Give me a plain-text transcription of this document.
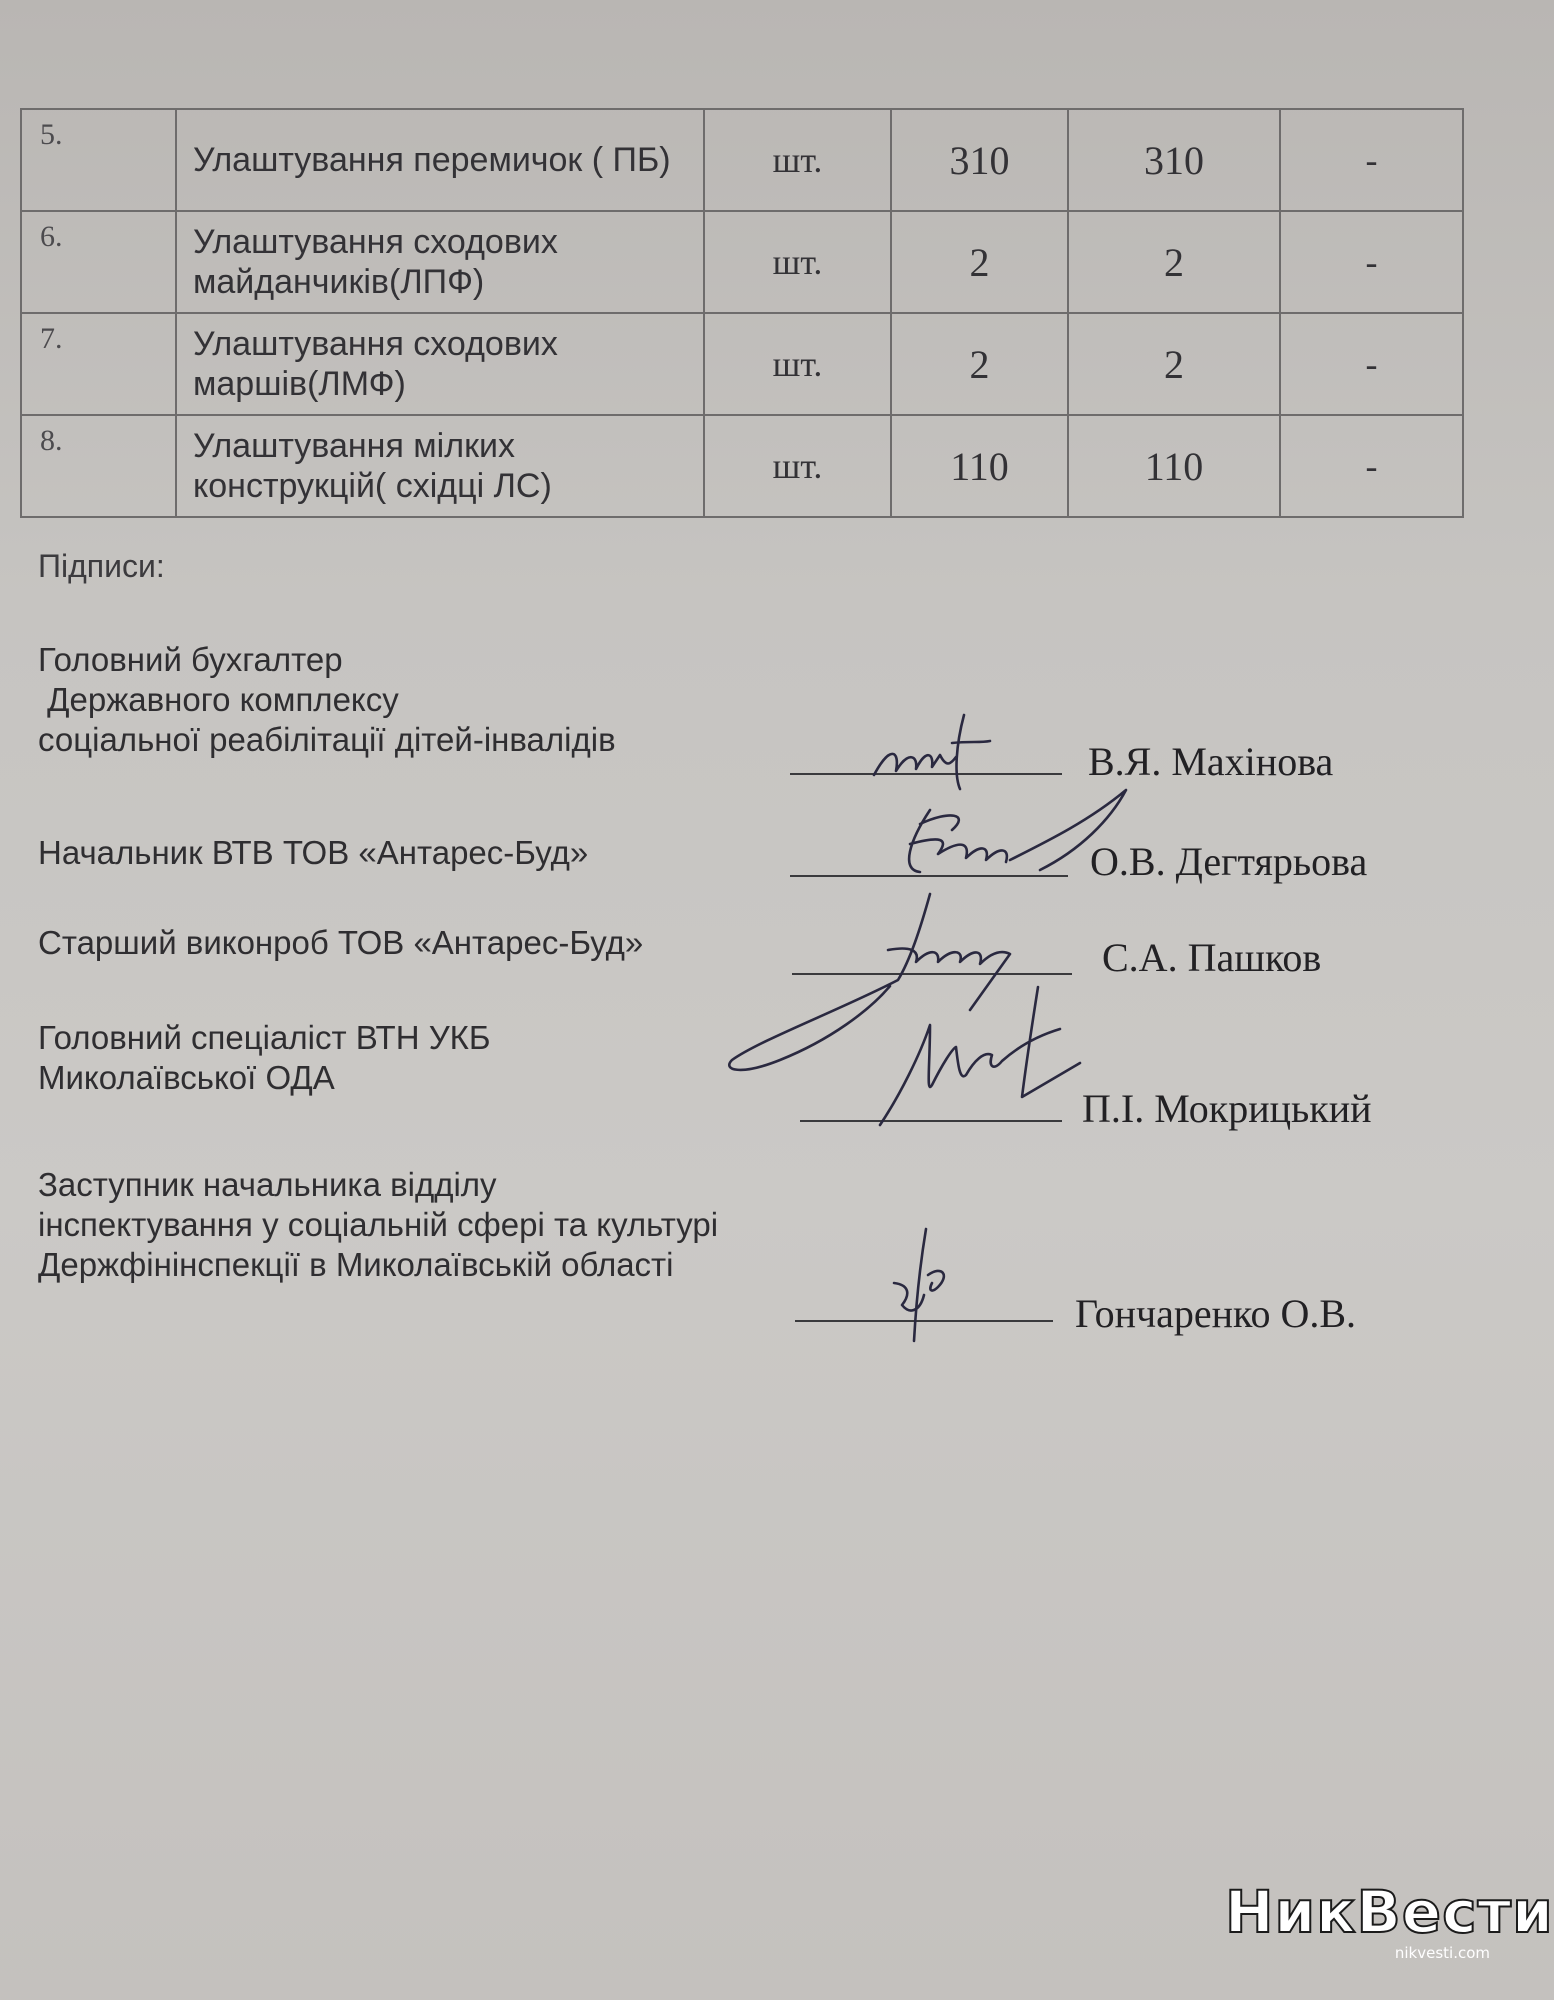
5.	Улаштування перемичок ( ПБ)	шт.	310	310	-
6.	Улаштування сходових майданчиків(ЛПФ)	шт.	2	2	-
7.	Улаштування сходових маршів(ЛМФ)	шт.	2	2	-
8.	Улаштування мілких конструкцій( східці ЛС)	шт.	110	110	-
Підписи:
Головний бухгалтер
Державного комплексу
соціальної реабілітації дітей-інвалідів	В.Я. Махінова
Начальник ВТВ ТОВ «Антарес-Буд»	О.В. Дегтярьова
Старший виконроб ТОВ «Антарес-Буд»	С.А. Пашков
Головний спеціаліст ВТН УКБ
Миколаївської ОДА
П.І. Мокрицький
Заступник начальника відділу
інспектування у соціальній сфері та культурі
Держфінінспекції в Миколаївській області
Гончаренко О.В.
НикВести
nikvesti.com
